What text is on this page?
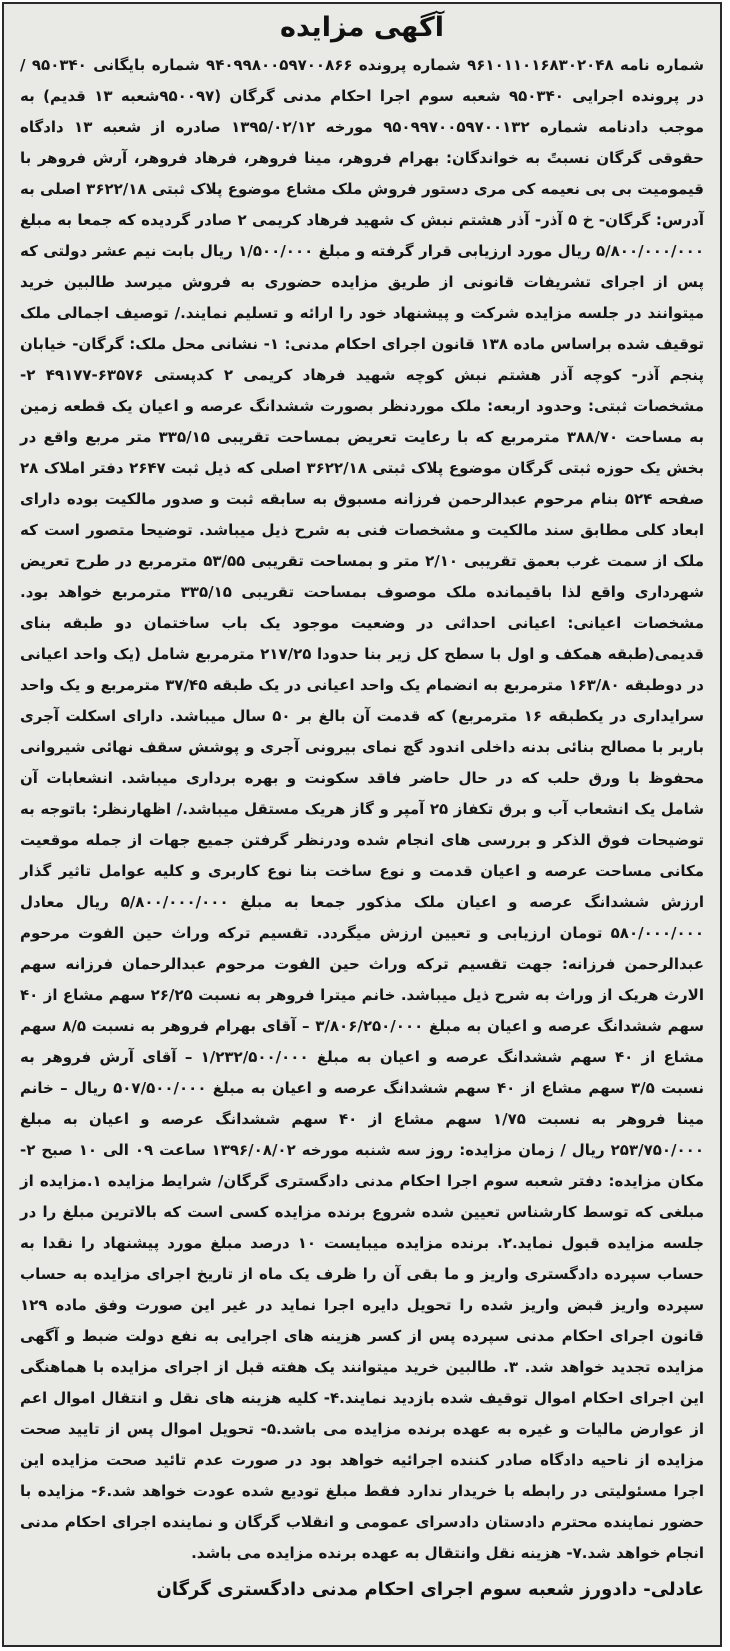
آگهی مزایده

شماره نامه ۹۶۱۰۱۱۰۱۶۸۳۰۲۰۴۸ شماره پرونده ۹۴۰۹۹۸۰۰۵۹۷۰۰۸۶۶ شماره بایگانی ۹۵۰۳۴۰ / در پرونده اجرایی ۹۵۰۳۴۰ شعبه سوم اجرا احکام مدنی گرگان (۹۵۰۰۹۷شعبه ۱۳ قدیم) به موجب دادنامه شماره ۹۵۰۹۹۷۰۰۵۹۷۰۰۱۳۲ مورخه ۱۳۹۵/۰۲/۱۲ صادره از شعبه ۱۳ دادگاه حقوقی گرگان نسبتً به خواندگان: بهرام فروهر، مینا فروهر، فرهاد فروهر، آرش فروهر با قیمومیت بی بی نعیمه کی مری دستور فروش ملک مشاع موضوع پلاک ثبتی ۳۶۲۲/۱۸ اصلی به آدرس: گرگان- خ ۵ آذر- آذر هشتم نبش ک شهید فرهاد کریمی ۲ صادر گردیده که جمعا به مبلغ ۵/۸۰۰/۰۰۰/۰۰۰ ریال مورد ارزیابی قرار گرفته و مبلغ ۱/۵۰۰/۰۰۰ ریال بابت نیم عشر دولتی که پس از اجرای تشریفات قانونی از طریق مزایده حضوری به فروش میرسد طالبین خرید میتوانند در جلسه مزایده شرکت و پیشنهاد خود را ارائه و تسلیم نمایند./ توصیف اجمالی ملک توقیف شده براساس ماده ۱۳۸ قانون اجرای احکام مدنی: ۱- نشانی محل ملک: گرگان- خیابان پنجم آذر- کوچه آذر هشتم نبش کوچه شهید فرهاد کریمی ۲ کدپستی ۶۳۵۷۶-۴۹۱۷۷ ۲-مشخصات ثبتی: وحدود اربعه: ملک موردنظر بصورت ششدانگ عرصه و اعیان یک قطعه زمین به مساحت ۳۸۸/۷۰ مترمربع که با رعایت تعریض بمساحت تقریبی ۳۳۵/۱۵ متر مربع واقع در بخش یک حوزه ثبتی گرگان موضوع پلاک ثبتی ۳۶۲۲/۱۸ اصلی که ذیل ثبت ۲۶۴۷ دفتر املاک ۲۸ صفحه ۵۲۴ بنام مرحوم عبدالرحمن فرزانه مسبوق به سابقه ثبت و صدور مالکیت بوده دارای ابعاد کلی مطابق سند مالکیت و مشخصات فنی به شرح ذیل میباشد. توضیحا متصور است که ملک از سمت غرب بعمق تقریبی ۲/۱۰ متر و بمساحت تقریبی ۵۳/۵۵ مترمربع در طرح تعریض شهرداری واقع لذا باقیمانده ملک موصوف بمساحت تقریبی ۳۳۵/۱۵ مترمربع خواهد بود. مشخصات اعیانی: اعیانی احداثی در وضعیت موجود یک باب ساختمان دو طبقه بنای قدیمی(طبقه همکف و اول با سطح کل زیر بنا حدودا ۲۱۷/۲۵ مترمربع شامل (یک واحد اعیانی در دوطبقه ۱۶۳/۸۰ مترمربع به انضمام یک واحد اعیانی در یک طبقه ۳۷/۴۵ مترمربع و یک واحد سرایداری در یکطبقه ۱۶ مترمربع) که قدمت آن بالغ بر ۵۰ سال میباشد. دارای اسکلت آجری باربر با مصالح بنائی بدنه داخلی اندود گچ نمای بیرونی آجری و پوشش سقف نهائی شیروانی محفوظ با ورق حلب که در حال حاضر فاقد سکونت و بهره برداری میباشد. انشعابات آن شامل یک انشعاب آب و برق تکفاز ۲۵ آمپر و گاز هریک مستقل میباشد./ اظهارنظر: باتوجه به توضیحات فوق الذکر و بررسی های انجام شده ودرنظر گرفتن جمیع جهات از جمله موقعیت مکانی مساحت عرصه و اعیان قدمت و نوع ساخت بنا نوع کاربری و کلیه عوامل تاثیر گذار ارزش ششدانگ عرصه و اعیان ملک مذکور جمعا به مبلغ ۵/۸۰۰/۰۰۰/۰۰۰ ریال معادل ۵۸۰/۰۰۰/۰۰۰ تومان ارزیابی و تعیین ارزش میگردد. تقسیم ترکه وراث حین الفوت مرحوم عبدالرحمن فرزانه: جهت تقسیم ترکه وراث حین الفوت مرحوم عبدالرحمان فرزانه سهم الارث هریک از وراث به شرح ذیل میباشد. خانم میترا فروهر به نسبت ۲۶/۲۵ سهم مشاع از ۴۰ سهم ششدانگ عرصه و اعیان به مبلغ ۳/۸۰۶/۲۵۰/۰۰۰ – آقای بهرام فروهر به نسبت ۸/۵ سهم مشاع از ۴۰ سهم ششدانگ عرصه و اعیان به مبلغ ۱/۲۳۲/۵۰۰/۰۰۰ – آقای آرش فروهر به نسبت ۳/۵ سهم مشاع از ۴۰ سهم ششدانگ عرصه و اعیان به مبلغ ۵۰۷/۵۰۰/۰۰۰ ریال – خانم مینا فروهر به نسبت ۱/۷۵ سهم مشاع از ۴۰ سهم ششدانگ عرصه و اعیان به مبلغ ۲۵۳/۷۵۰/۰۰۰ ریال / زمان مزایده: روز سه شنبه مورخه ۱۳۹۶/۰۸/۰۲ ساعت ۰۹ الی ۱۰ صبح ۲- مکان مزایده: دفتر شعبه سوم اجرا احکام مدنی دادگستری گرگان/ شرایط مزایده ۱.مزایده از مبلغی که توسط کارشناس تعیین شده شروع برنده مزایده کسی است که بالاترین مبلغ را در جلسه مزایده قبول نماید.۲. برنده مزایده میبایست ۱۰ درصد مبلغ مورد پیشنهاد را نقدا به حساب سپرده دادگستری واریز و ما بقی آن را ظرف یک ماه از تاریخ اجرای مزایده به حساب سپرده واریز قبض واریز شده را تحویل دایره اجرا نماید در غیر این صورت وفق ماده ۱۲۹ قانون اجرای احکام مدنی سپرده پس از کسر هزینه های اجرایی به نفع دولت ضبط و آگهی مزایده تجدید خواهد شد. ۳. طالبین خرید میتوانند یک هفته قبل از اجرای مزایده با هماهنگی این اجرای احکام اموال توقیف شده بازدید نمایند.۴- کلیه هزینه های نقل و انتقال اموال اعم از عوارض مالیات و غیره به عهده برنده مزایده می باشد.۵- تحویل اموال پس از تایید صحت مزایده از ناحیه دادگاه صادر کننده اجرائیه خواهد بود در صورت عدم تائید صحت مزایده این اجرا مسئولیتی در رابطه با خریدار ندارد فقط مبلغ تودیع شده عودت خواهد شد.۶- مزایده با حضور نماینده محترم دادستان دادسرای عمومی و انقلاب گرگان و نماینده اجرای احکام مدنی انجام خواهد شد.۷- هزینه نقل وانتقال به عهده برنده مزایده می باشد.

عادلی- دادورز شعبه سوم اجرای احکام مدنی دادگستری گرگان
